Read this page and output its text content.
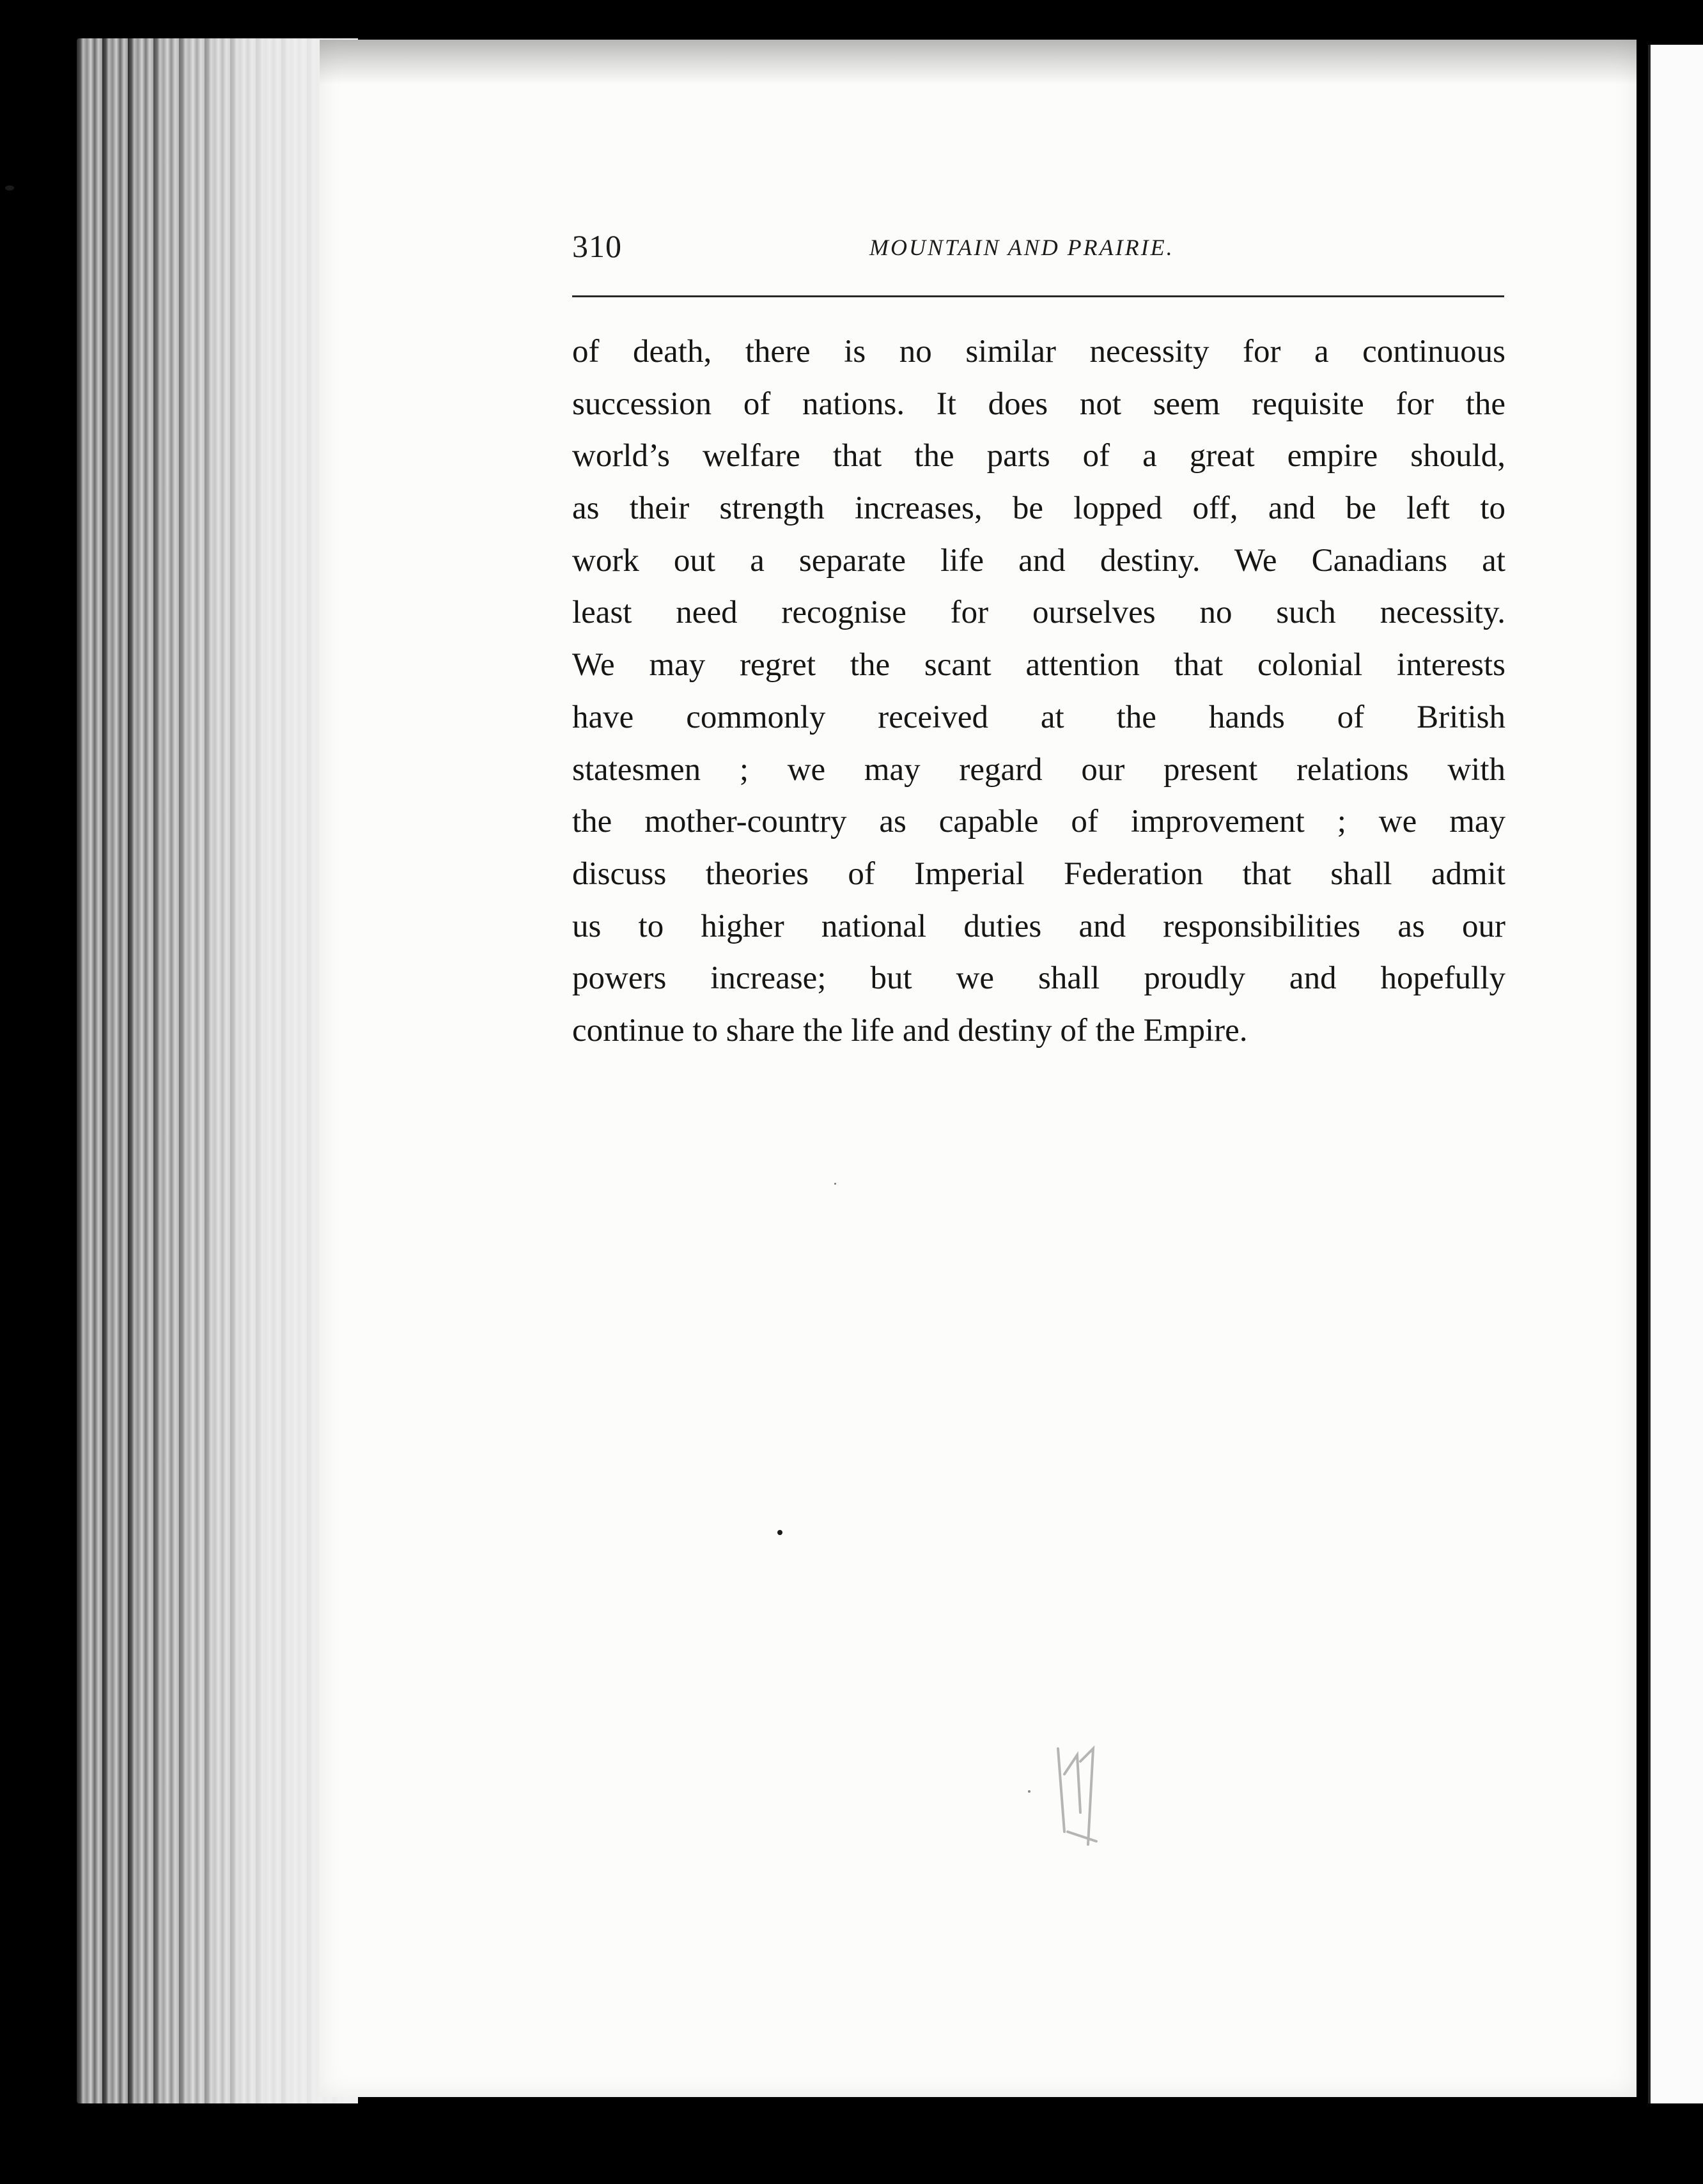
310	MOUNTAIN AND PRAIRIE.
of death, there is no similar necessity for a continuous
succession of nations. It does not seem requisite for the
world’s welfare that the parts of a great empire should,
as their strength increases, be lopped off, and be left to
work out a separate life and destiny. We Canadians at
least need recognise for ourselves no such necessity.
We may regret the scant attention that colonial interests
have commonly received at the hands of British
statesmen ; we may regard our present relations with
the mother-country as capable of improvement ; we may
discuss theories of Imperial Federation that shall admit
us to higher national duties and responsibilities as our
powers increase; but we shall proudly and hopefully
continue to share the life and destiny of the Empire.
